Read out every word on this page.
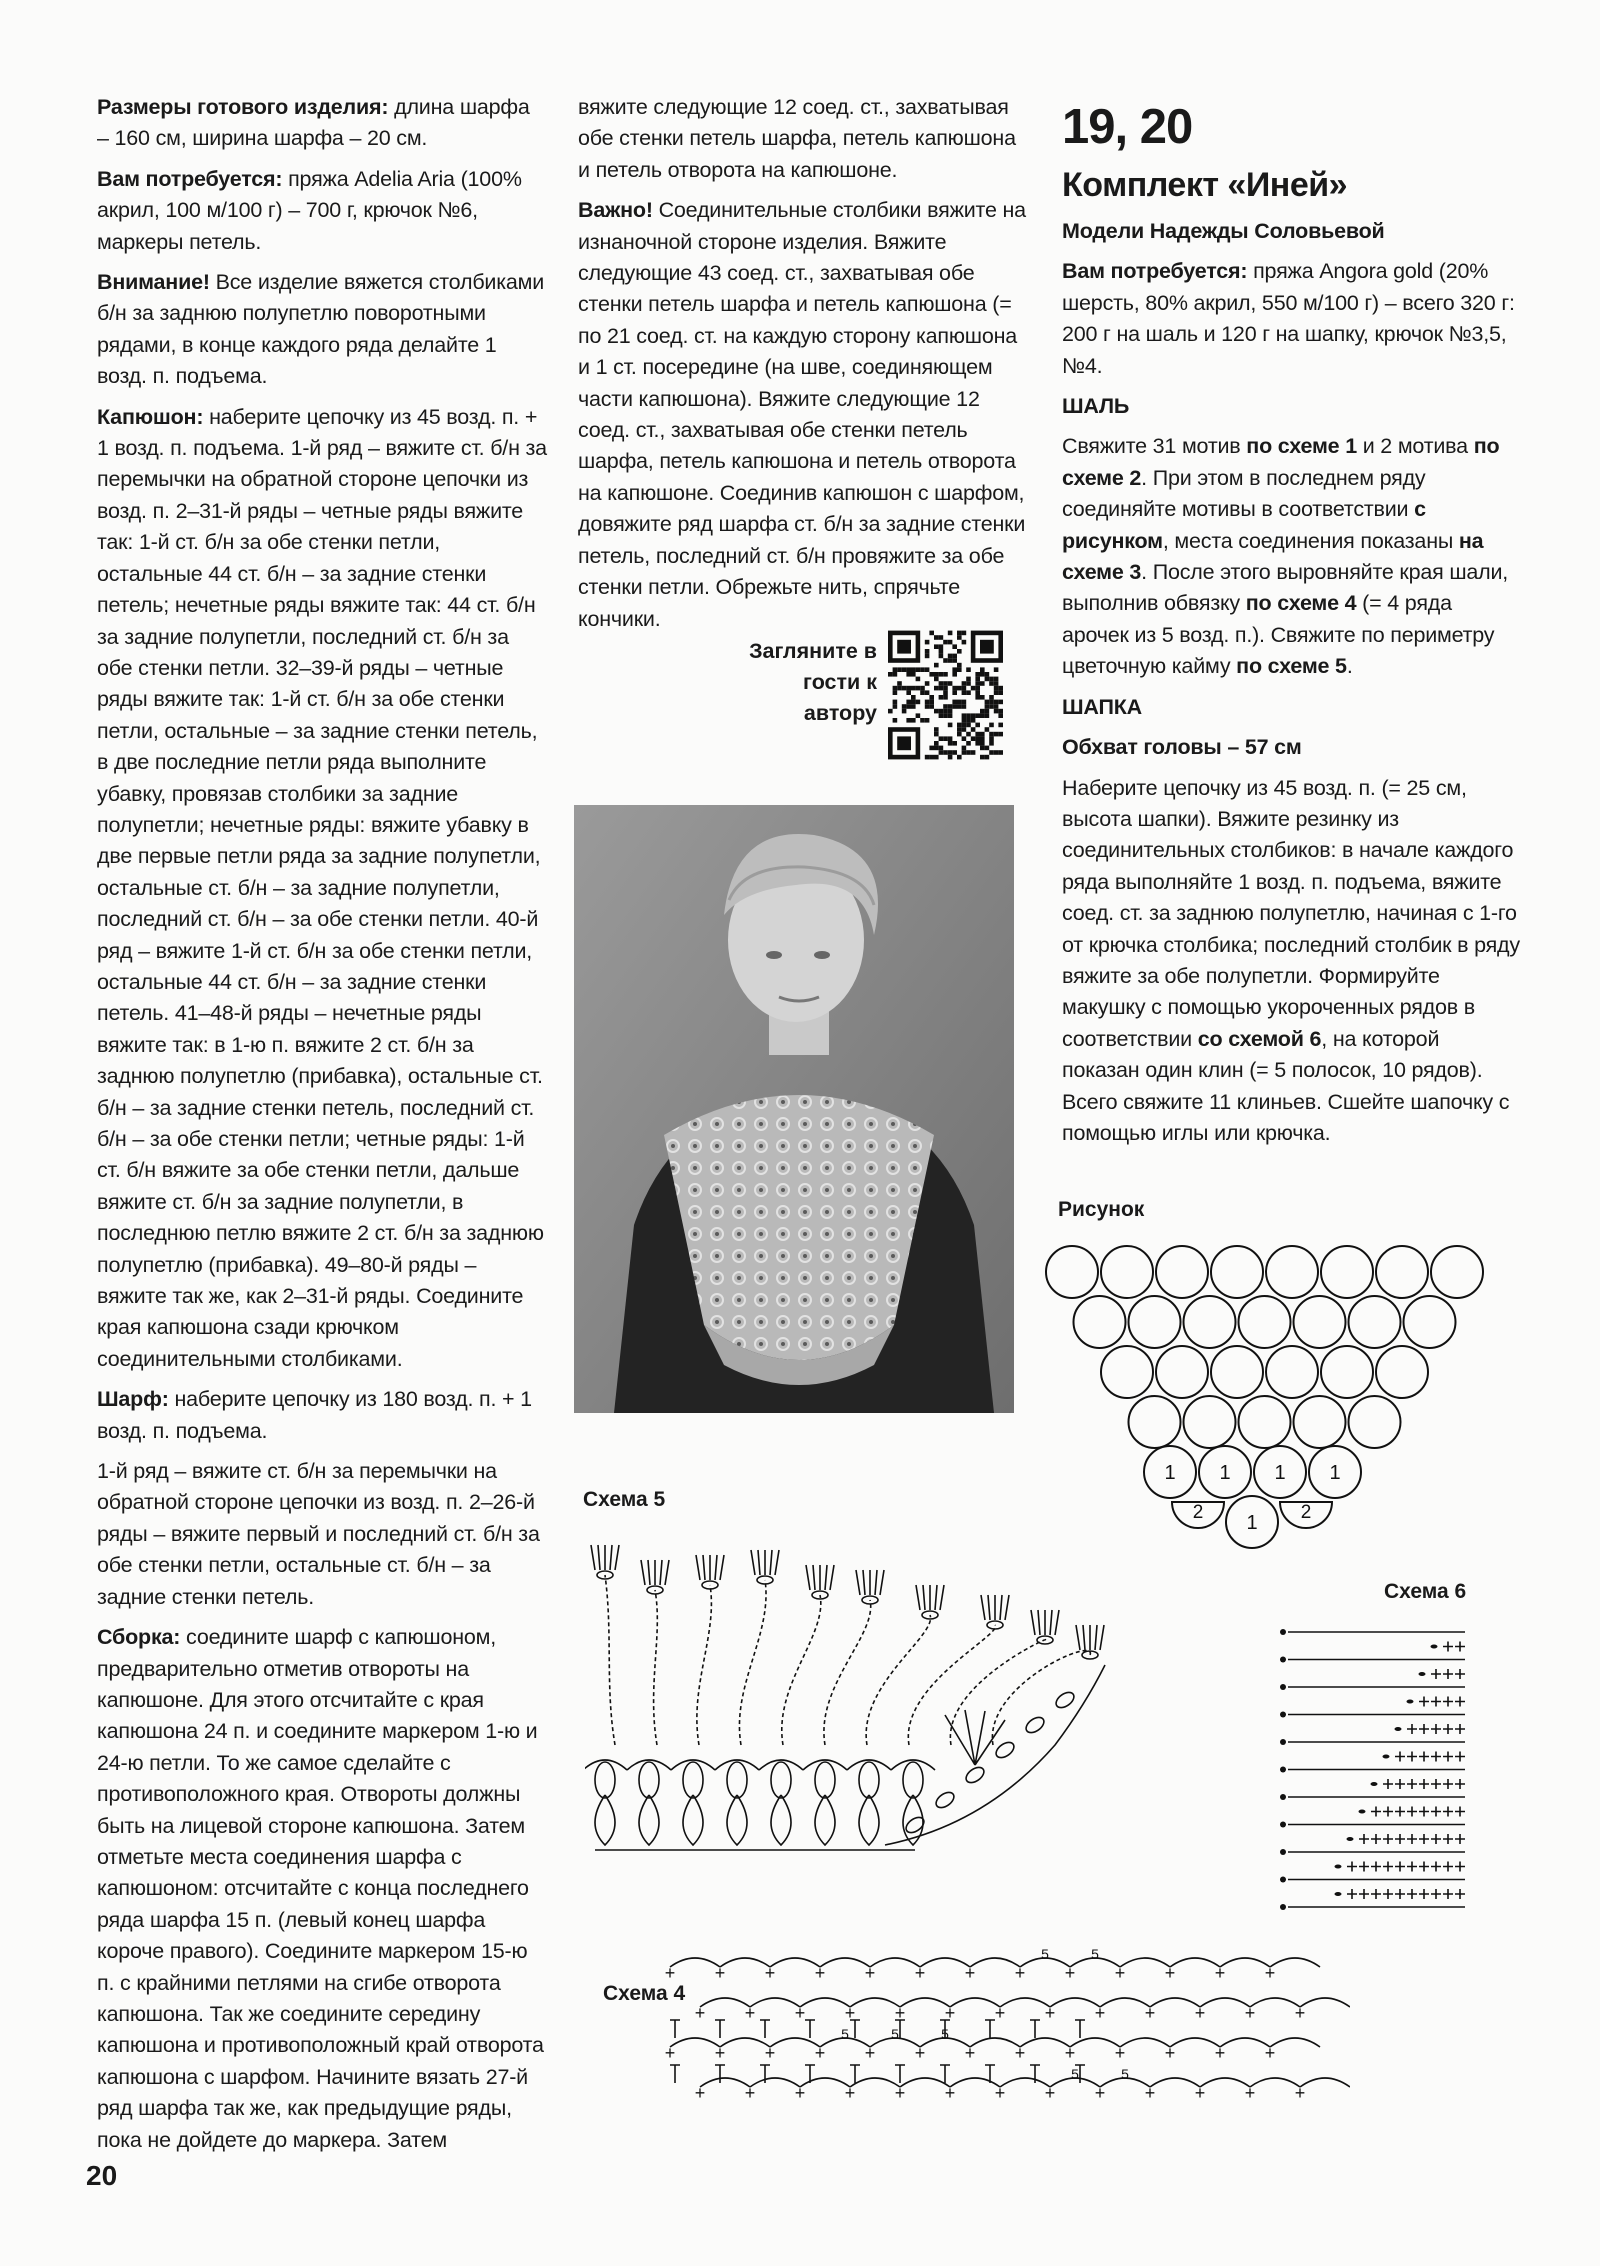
Размеры готового изделия: длина шарфа – 160 см, ширина шарфа – 20 см.

Вам потребуется: пряжа Adelia Aria (100% акрил, 100 м/100 г) – 700 г, крючок №6, маркеры петель.

Внимание! Все изделие вяжется столбиками б/н за заднюю полупетлю поворотными рядами, в конце каждого ряда делайте 1 возд. п. подъема.

Капюшон: наберите цепочку из 45 возд. п. + 1 возд. п. подъема. 1-й ряд – вяжите ст. б/н за перемычки на обратной стороне цепочки из возд. п. 2–31-й ряды – четные ряды вяжите так: 1-й ст. б/н за обе стенки петли, остальные 44 ст. б/н – за задние стенки петель; нечетные ряды вяжите так: 44 ст. б/н за задние полупетли, последний ст. б/н за обе стенки петли. 32–39-й ряды – четные ряды вяжите так: 1-й ст. б/н за обе стенки петли, остальные – за задние стенки петель, в две последние петли ряда выполните убавку, провязав столбики за задние полупетли; нечетные ряды: вяжите убавку в две первые петли ряда за задние полупетли, остальные ст. б/н – за задние полупетли, последний ст. б/н – за обе стенки петли. 40-й ряд – вяжите 1-й ст. б/н за обе стенки петли, остальные 44 ст. б/н – за задние стенки петель. 41–48-й ряды – нечетные ряды вяжите так: в 1-ю п. вяжите 2 ст. б/н за заднюю полупетлю (прибавка), остальные ст. б/н – за задние стенки петель, последний ст. б/н – за обе стенки петли; четные ряды: 1-й ст. б/н вяжите за обе стенки петли, дальше вяжите ст. б/н за задние полупетли, в последнюю петлю вяжите 2 ст. б/н за заднюю полупетлю (прибавка). 49–80-й ряды – вяжите так же, как 2–31-й ряды. Соедините края капюшона сзади крючком соединительными столбиками.

Шарф: наберите цепочку из 180 возд. п. + 1 возд. п. подъема.

1-й ряд – вяжите ст. б/н за перемычки на обратной стороне цепочки из возд. п. 2–26-й ряды – вяжите первый и последний ст. б/н за обе стенки петли, остальные ст. б/н – за задние стенки петель.

Сборка: соедините шарф с капюшоном, предварительно отметив отвороты на капюшоне. Для этого отсчитайте с края капюшона 24 п. и соедините маркером 1-ю и 24-ю петли. То же самое сделайте с противоположного края. Отвороты должны быть на лицевой стороне капюшона. Затем отметьте места соединения шарфа с капюшоном: отсчитайте с конца последнего ряда шарфа 15 п. (левый конец шарфа короче правого). Соедините маркером 15-ю п. с крайними петлями на сгибе отворота капюшона. Так же соедините середину капюшона и противоположный край отворота капюшона с шарфом. Начините вязать 27-й ряд шарфа так же, как предыдущие ряды, пока не дойдете до маркера. Затем

вяжите следующие 12 соед. ст., захватывая обе стенки петель шарфа, петель капюшона и петель отворота на капюшоне.

Важно! Соединительные столбики вяжите на изнаночной стороне изделия. Вяжите следующие 43 соед. ст., захватывая обе стенки петель шарфа и петель капюшона (= по 21 соед. ст. на каждую сторону капюшона и 1 ст. посередине (на шве, соединяющем части капюшона). Вяжите следующие 12 соед. ст., захватывая обе стенки петель шарфа, петель капюшона и петель отворота на капюшоне. Соединив капюшон с шарфом, довяжите ряд шарфа ст. б/н за задние стенки петель, последний ст. б/н провяжите за обе стенки петли. Обрежьте нить, спрячьте кончики.

Загляните в гости к автору
19, 20
Комплект «Иней»

Модели Надежды Соловьевой

Вам потребуется: пряжа Angora gold (20% шерсть, 80% акрил, 550 м/100 г) – всего 320 г: 200 г на шаль и 120 г на шапку, крючок №3,5, №4.

ШАЛЬ

Свяжите 31 мотив по схеме 1 и 2 мотива по схеме 2. При этом в последнем ряду соединяйте мотивы в соответствии с рисунком, места соединения показаны на схеме 3. После этого выровняйте края шали, выполнив обвязку по схеме 4 (= 4 ряда арочек из 5 возд. п.). Свяжите по периметру цветочную кайму по схеме 5.

ШАПКА

Обхват головы – 57 см

Наберите цепочку из 45 возд. п. (= 25 см, высота шапки). Вяжите резинку из соединительных столбиков: в начале каждого ряда выполняйте 1 возд. п. подъема, вяжите соед. ст. за заднюю полупетлю, начиная с 1-го от крючка столбика; последний столбик в ряду вяжите за обе полупетли. Формируйте макушку с помощью укороченных рядов в соответствии со схемой 6, на которой показан один клин (= 5 полосок, 10 рядов). Всего свяжите 11 клиньев. Сшейте шапочку с помощью иглы или крючка.

Рисунок
1 1 1 1
1
2	2
Схема 6
Схема 5
Схема 4
+ + + + + + +
5
+
5
+ + + + +
+ + + + + + + + + + + + +
+ + +
5
+
5
+
5
+ + + + + + + +
+ + + + + + +
5
+
5
+ + + + +
20
